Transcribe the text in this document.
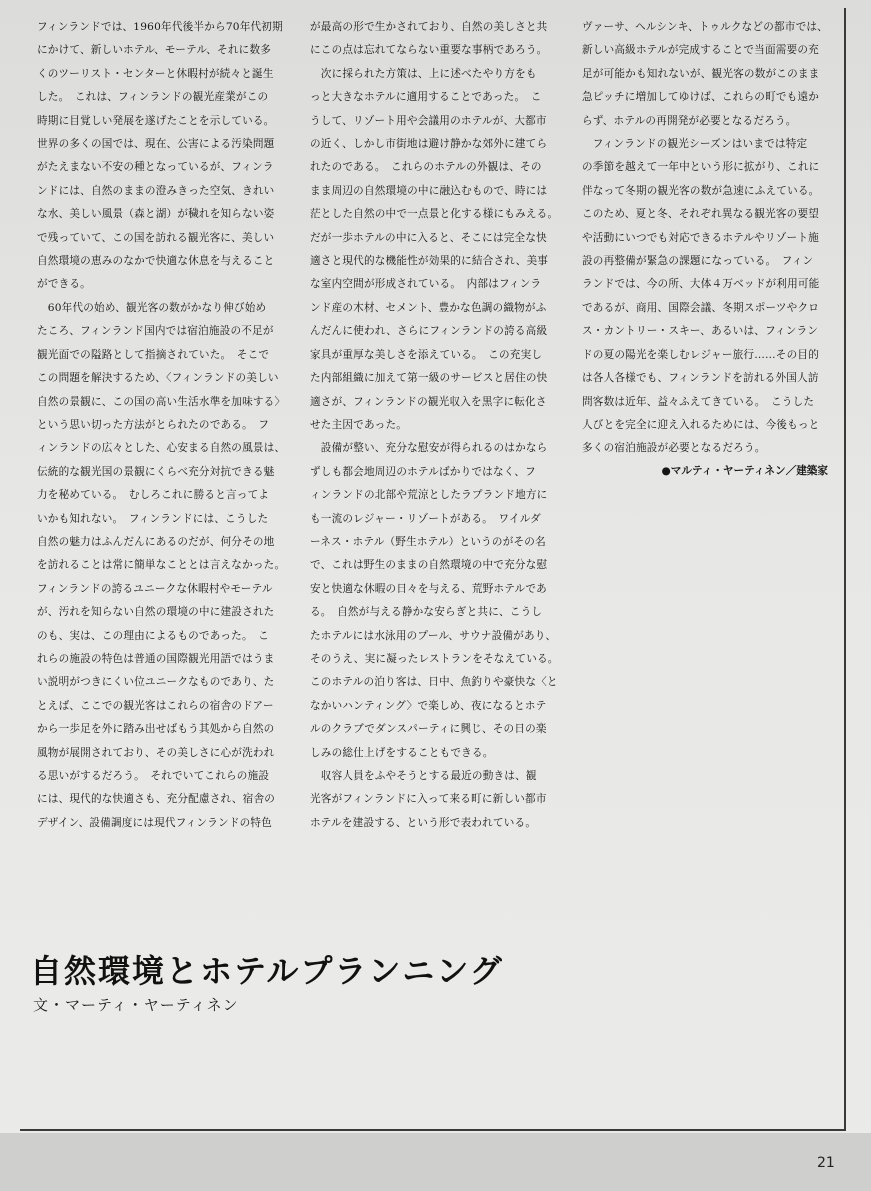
フィンランドでは、1960年代後半から70年代初期
にかけて、新しいホテル、モーテル、それに数多
くのツーリスト・センターと休暇村が続々と誕生
した。　これは、フィンランドの観光産業がこの
時期に目覚しい発展を遂げたことを示している。
世界の多くの国では、現在、公害による汚染問題
がたえまない不安の種となっているが、フィンラ
ンドには、自然のままの澄みきった空気、きれい
な水、美しい風景（森と湖）が穢れを知らない姿
で残っていて、この国を訪れる観光客に、美しい
自然環境の恵みのなかで快適な休息を与えること
ができる。
　60年代の始め、観光客の数がかなり伸び始め
たころ、フィンランド国内では宿泊施設の不足が
観光面での隘路として指摘されていた。　そこで
この問題を解決するため、〈フィンランドの美しい
自然の景観に、この国の高い生活水準を加味する〉
という思い切った方法がとられたのである。　フ
ィンランドの広々とした、心安まる自然の風景は、
伝統的な観光国の景観にくらべ充分対抗できる魅
力を秘めている。　むしろこれに勝ると言ってよ
いかも知れない。　フィンランドには、こうした
自然の魅力はふんだんにあるのだが、何分その地
を訪れることは常に簡単なこととは言えなかった。
フィンランドの誇るユニークな休暇村やモーテル
が、汚れを知らない自然の環境の中に建設された
のも、実は、この理由によるものであった。　こ
れらの施設の特色は普通の国際観光用語ではうま
い説明がつきにくい位ユニークなものであり、た
とえば、ここでの観光客はこれらの宿舎のドアー
から一歩足を外に踏み出せばもう其処から自然の
風物が展開されており、その美しさに心が洗われ
る思いがするだろう。　それでいてこれらの施設
には、現代的な快適さも、充分配慮され、宿舎の
デザイン、設備調度には現代フィンランドの特色

が最高の形で生かされており、自然の美しさと共
にこの点は忘れてならない重要な事柄であろう。
　次に採られた方策は、上に述べたやり方をも
っと大きなホテルに適用することであった。　こ
うして、リゾート用や会議用のホテルが、大都市
の近く、しかし市街地は避け静かな郊外に建てら
れたのである。　これらのホテルの外観は、その
まま周辺の自然環境の中に融込むもので、時には
茫とした自然の中で一点景と化する様にもみえる。
だが一歩ホテルの中に入ると、そこには完全な快
適さと現代的な機能性が効果的に結合され、美事
な室内空間が形成されている。　内部はフィンラ
ンド産の木材、セメント、豊かな色調の織物がふ
んだんに使われ、さらにフィンランドの誇る高級
家具が重厚な美しさを添えている。　この充実し
た内部組織に加えて第一級のサービスと居住の快
適さが、フィンランドの観光収入を黒字に転化さ
せた主因であった。
　設備が整い、充分な慰安が得られるのはかなら
ずしも都会地周辺のホテルばかりではなく、フ
ィンランドの北部や荒涼としたラプランド地方に
も一流のレジャー・リゾートがある。　ワイルダ
ーネス・ホテル（野生ホテル）というのがその名
で、これは野生のままの自然環境の中で充分な慰
安と快適な休暇の日々を与える、荒野ホテルであ
る。　自然が与える静かな安らぎと共に、こうし
たホテルには水泳用のプール、サウナ設備があり、
そのうえ、実に凝ったレストランをそなえている。
このホテルの泊り客は、日中、魚釣りや豪快な〈と
なかいハンティング〉で楽しめ、夜になるとホテ
ルのクラブでダンスパーティに興じ、その日の楽
しみの総仕上げをすることもできる。
　収容人員をふやそうとする最近の動きは、観
光客がフィンランドに入って来る町に新しい都市
ホテルを建設する、という形で表われている。

ヴァーサ、ヘルシンキ、トゥルクなどの都市では、
新しい高級ホテルが完成することで当面需要の充
足が可能かも知れないが、観光客の数がこのまま
急ピッチに増加してゆけば、これらの町でも遠か
らず、ホテルの再開発が必要となるだろう。
　フィンランドの観光シーズンはいまでは特定
の季節を越えて一年中という形に拡がり、これに
伴なって冬期の観光客の数が急速にふえている。
このため、夏と冬、それぞれ異なる観光客の要望
や活動にいつでも対応できるホテルやリゾート施
設の再整備が緊急の課題になっている。　フィン
ランドでは、今の所、大体４万ベッドが利用可能
であるが、商用、国際会議、冬期スポーツやクロ
ス・カントリー・スキー、あるいは、フィンラン
ドの夏の陽光を楽しむレジャー旅行……その目的
は各人各様でも、フィンランドを訪れる外国人訪
問客数は近年、益々ふえてきている。　こうした
人びとを完全に迎え入れるためには、今後もっと
多くの宿泊施設が必要となるだろう。

●マルティ・ヤーティネン／建築家
自然環境とホテルプランニング

文・マーティ・ヤーティネン

21
